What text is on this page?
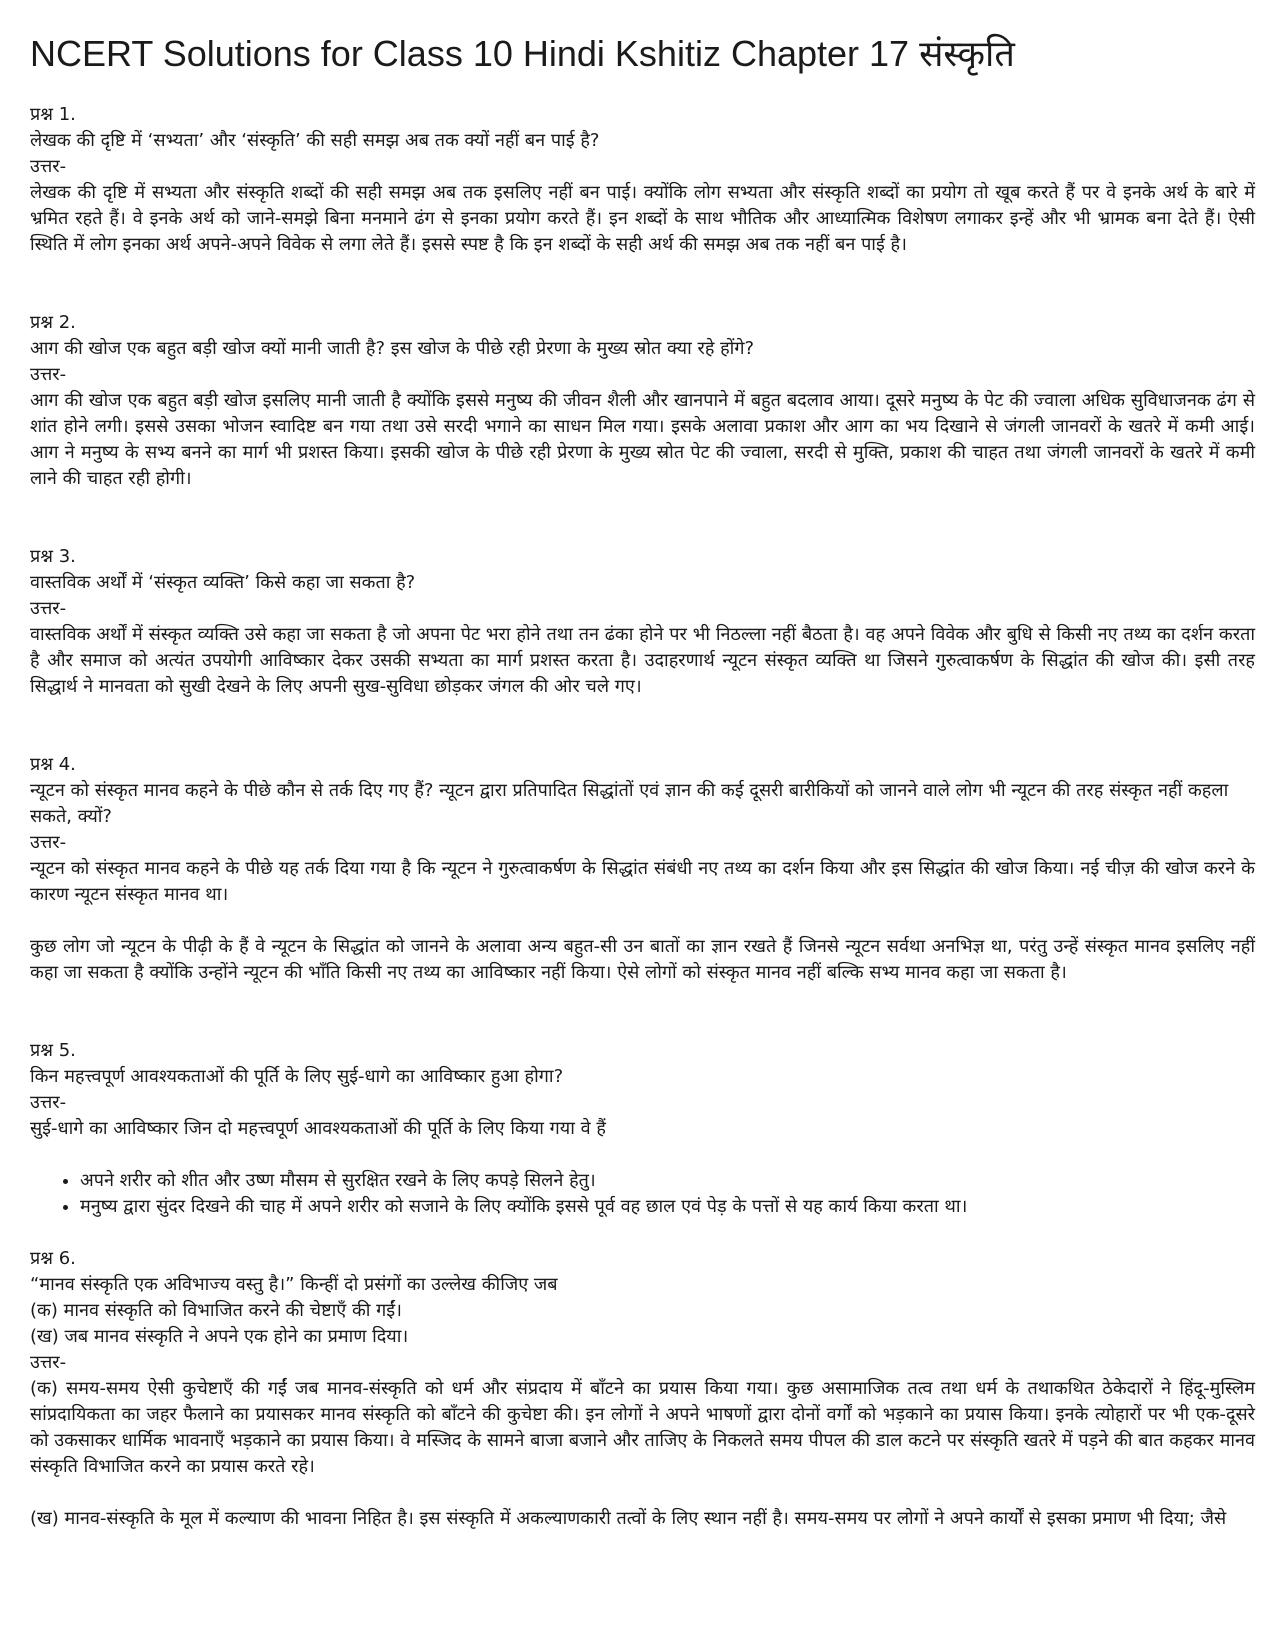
NCERT Solutions for Class 10 Hindi Kshitiz Chapter 17 संस्कृति

प्रश्न 1.

लेखक की दृष्टि में ‘सभ्यता’ और ‘संस्कृति’ की सही समझ अब तक क्यों नहीं बन पाई है?

उत्तर-

लेखक की दृष्टि में सभ्यता और संस्कृति शब्दों की सही समझ अब तक इसलिए नहीं बन पाई। क्योंकि लोग सभ्यता और संस्कृति शब्दों का प्रयोग तो खूब करते हैं पर वे इनके अर्थ के बारे में भ्रमित रहते हैं। वे इनके अर्थ को जाने-समझे बिना मनमाने ढंग से इनका प्रयोग करते हैं। इन शब्दों के साथ भौतिक और आध्यात्मिक विशेषण लगाकर इन्हें और भी भ्रामक बना देते हैं। ऐसी स्थिति में लोग इनका अर्थ अपने-अपने विवेक से लगा लेते हैं। इससे स्पष्ट है कि इन शब्दों के सही अर्थ की समझ अब तक नहीं बन पाई है।

प्रश्न 2.

आग की खोज एक बहुत बड़ी खोज क्यों मानी जाती है? इस खोज के पीछे रही प्रेरणा के मुख्य स्रोत क्या रहे होंगे?

उत्तर-

आग की खोज एक बहुत बड़ी खोज इसलिए मानी जाती है क्योंकि इससे मनुष्य की जीवन शैली और खानपाने में बहुत बदलाव आया। दूसरे मनुष्य के पेट की ज्वाला अधिक सुविधाजनक ढंग से शांत होने लगी। इससे उसका भोजन स्वादिष्ट बन गया तथा उसे सरदी भगाने का साधन मिल गया। इसके अलावा प्रकाश और आग का भय दिखाने से जंगली जानवरों के खतरे में कमी आई। आग ने मनुष्य के सभ्य बनने का मार्ग भी प्रशस्त किया। इसकी खोज के पीछे रही प्रेरणा के मुख्य स्रोत पेट की ज्वाला, सरदी से मुक्ति, प्रकाश की चाहत तथा जंगली जानवरों के खतरे में कमी लाने की चाहत रही होगी।

प्रश्न 3.

वास्तविक अर्थों में ‘संस्कृत व्यक्ति’ किसे कहा जा सकता है?

उत्तर-

वास्तविक अर्थों में संस्कृत व्यक्ति उसे कहा जा सकता है जो अपना पेट भरा होने तथा तन ढंका होने पर भी निठल्ला नहीं बैठता है। वह अपने विवेक और बुधि से किसी नए तथ्य का दर्शन करता है और समाज को अत्यंत उपयोगी आविष्कार देकर उसकी सभ्यता का मार्ग प्रशस्त करता है। उदाहरणार्थ न्यूटन संस्कृत व्यक्ति था जिसने गुरुत्वाकर्षण के सिद्धांत की खोज की। इसी तरह सिद्धार्थ ने मानवता को सुखी देखने के लिए अपनी सुख-सुविधा छोड़कर जंगल की ओर चले गए।

प्रश्न 4.

न्यूटन को संस्कृत मानव कहने के पीछे कौन से तर्क दिए गए हैं? न्यूटन द्वारा प्रतिपादित सिद्धांतों एवं ज्ञान की कई दूसरी बारीकियों को जानने वाले लोग भी न्यूटन की तरह संस्कृत नहीं कहला सकते, क्यों?

उत्तर-

न्यूटन को संस्कृत मानव कहने के पीछे यह तर्क दिया गया है कि न्यूटन ने गुरुत्वाकर्षण के सिद्धांत संबंधी नए तथ्य का दर्शन किया और इस सिद्धांत की खोज किया। नई चीज़ की खोज करने के कारण न्यूटन संस्कृत मानव था।

कुछ लोग जो न्यूटन के पीढ़ी के हैं वे न्यूटन के सिद्धांत को जानने के अलावा अन्य बहुत-सी उन बातों का ज्ञान रखते हैं जिनसे न्यूटन सर्वथा अनभिज्ञ था, परंतु उन्हें संस्कृत मानव इसलिए नहीं कहा जा सकता है क्योंकि उन्होंने न्यूटन की भाँति किसी नए तथ्य का आविष्कार नहीं किया। ऐसे लोगों को संस्कृत मानव नहीं बल्कि सभ्य मानव कहा जा सकता है।

प्रश्न 5.

किन महत्त्वपूर्ण आवश्यकताओं की पूर्ति के लिए सुई-धागे का आविष्कार हुआ होगा?

उत्तर-

सुई-धागे का आविष्कार जिन दो महत्त्वपूर्ण आवश्यकताओं की पूर्ति के लिए किया गया वे हैं

• अपने शरीर को शीत और उष्ण मौसम से सुरक्षित रखने के लिए कपड़े सिलने हेतु।
• मनुष्य द्वारा सुंदर दिखने की चाह में अपने शरीर को सजाने के लिए क्योंकि इससे पूर्व वह छाल एवं पेड़ के पत्तों से यह कार्य किया करता था।

प्रश्न 6.

“मानव संस्कृति एक अविभाज्य वस्तु है।” किन्हीं दो प्रसंगों का उल्लेख कीजिए जब

(क) मानव संस्कृति को विभाजित करने की चेष्टाएँ की गईं।

(ख) जब मानव संस्कृति ने अपने एक होने का प्रमाण दिया।

उत्तर-

(क) समय-समय ऐसी कुचेष्टाएँ की गईं जब मानव-संस्कृति को धर्म और संप्रदाय में बाँटने का प्रयास किया गया। कुछ असामाजिक तत्व तथा धर्म के तथाकथित ठेकेदारों ने हिंदू-मुस्लिम सांप्रदायिकता का जहर फैलाने का प्रयासकर मानव संस्कृति को बाँटने की कुचेष्टा की। इन लोगों ने अपने भाषणों द्वारा दोनों वर्गों को भड़काने का प्रयास किया। इनके त्योहारों पर भी एक-दूसरे को उकसाकर धार्मिक भावनाएँ भड़काने का प्रयास किया। वे मस्जिद के सामने बाजा बजाने और ताजिए के निकलते समय पीपल की डाल कटने पर संस्कृति खतरे में पड़ने की बात कहकर मानव संस्कृति विभाजित करने का प्रयास करते रहे।

(ख) मानव-संस्कृति के मूल में कल्याण की भावना निहित है। इस संस्कृति में अकल्याणकारी तत्वों के लिए स्थान नहीं है। समय-समय पर लोगों ने अपने कार्यों से इसका प्रमाण भी दिया; जैसे
